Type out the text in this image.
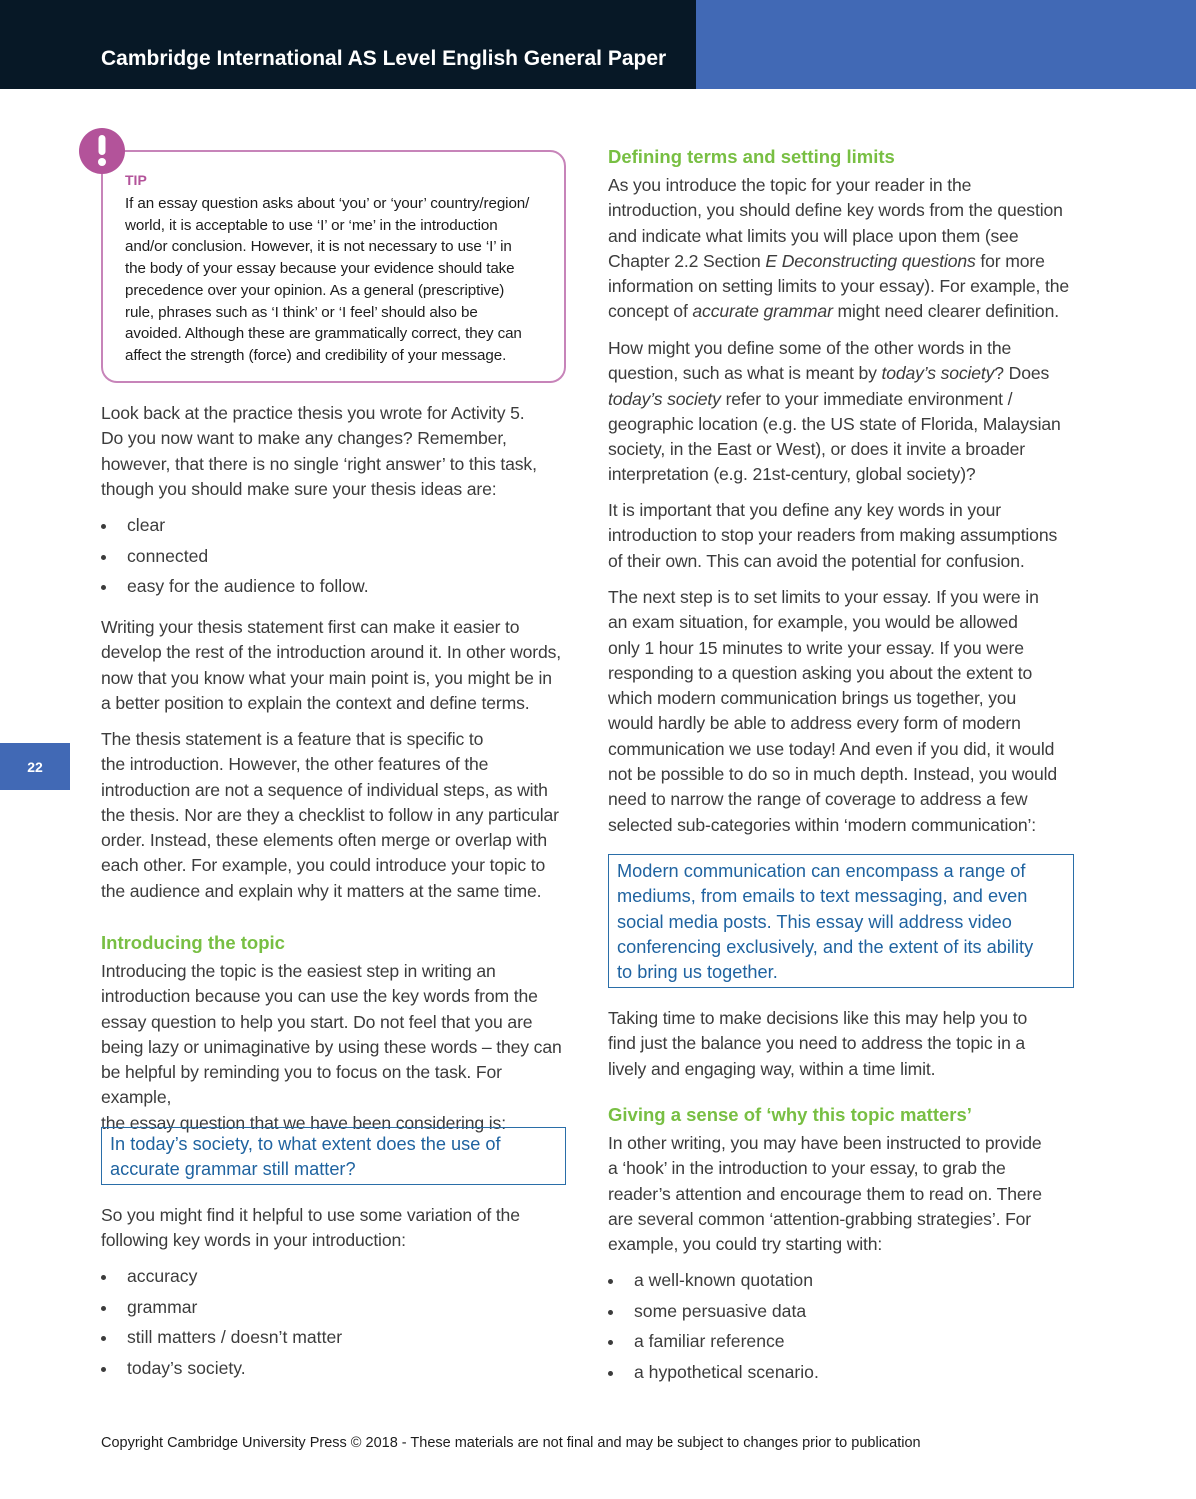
Cambridge International AS Level English General Paper
22
TIP
If an essay question asks about ‘you’ or ‘your’ country/region/
world, it is acceptable to use ‘I’ or ‘me’ in the introduction
and/or conclusion. However, it is not necessary to use ‘I’ in
the body of your essay because your evidence should take
precedence over your opinion. As a general (prescriptive)
rule, phrases such as ‘I think’ or ‘I feel’ should also be
avoided. Although these are grammatically correct, they can
affect the strength (force) and credibility of your message.

Look back at the practice thesis you wrote for Activity 5.
Do you now want to make any changes? Remember,
however, that there is no single ‘right answer’ to this task,
though you should make sure your thesis ideas are:

clear
connected
easy for the audience to follow.

Writing your thesis statement first can make it easier to
develop the rest of the introduction around it. In other words,
now that you know what your main point is, you might be in
a better position to explain the context and define terms.

The thesis statement is a feature that is specific to
the introduction. However, the other features of the
introduction are not a sequence of individual steps, as with
the thesis. Nor are they a checklist to follow in any particular
order. Instead, these elements often merge or overlap with
each other. For example, you could introduce your topic to
the audience and explain why it matters at the same time.

Introducing the topic

Introducing the topic is the easiest step in writing an
introduction because you can use the key words from the
essay question to help you start. Do not feel that you are
being lazy or unimaginative by using these words – they can
be helpful by reminding you to focus on the task. For example,
the essay question that we have been considering is:

In today’s society, to what extent does the use of
accurate grammar still matter?

So you might find it helpful to use some variation of the
following key words in your introduction:

accuracy
grammar
still matters / doesn’t matter
today’s society.
Defining terms and setting limits

As you introduce the topic for your reader in the
introduction, you should define key words from the question
and indicate what limits you will place upon them (see
Chapter 2.2 Section E Deconstructing questions for more
information on setting limits to your essay). For example, the
concept of accurate grammar might need clearer definition.

How might you define some of the other words in the
question, such as what is meant by today’s society? Does
today’s society refer to your immediate environment /
geographic location (e.g. the US state of Florida, Malaysian
society, in the East or West), or does it invite a broader
interpretation (e.g. 21st-century, global society)?

It is important that you define any key words in your
introduction to stop your readers from making assumptions
of their own. This can avoid the potential for confusion.

The next step is to set limits to your essay. If you were in
an exam situation, for example, you would be allowed
only 1 hour 15 minutes to write your essay. If you were
responding to a question asking you about the extent to
which modern communication brings us together, you
would hardly be able to address every form of modern
communication we use today! And even if you did, it would
not be possible to do so in much depth. Instead, you would
need to narrow the range of coverage to address a few
selected sub-categories within ‘modern communication’:

Modern communication can encompass a range of
mediums, from emails to text messaging, and even
social media posts. This essay will address video
conferencing exclusively, and the extent of its ability
to bring us together.

Taking time to make decisions like this may help you to
find just the balance you need to address the topic in a
lively and engaging way, within a time limit.

Giving a sense of ‘why this topic matters’

In other writing, you may have been instructed to provide
a ‘hook’ in the introduction to your essay, to grab the
reader’s attention and encourage them to read on. There
are several common ‘attention-grabbing strategies’. For
example, you could try starting with:

a well-known quotation
some persuasive data
a familiar reference
a hypothetical scenario.
Copyright Cambridge University Press © 2018 - These materials are not final and may be subject to changes prior to publication
